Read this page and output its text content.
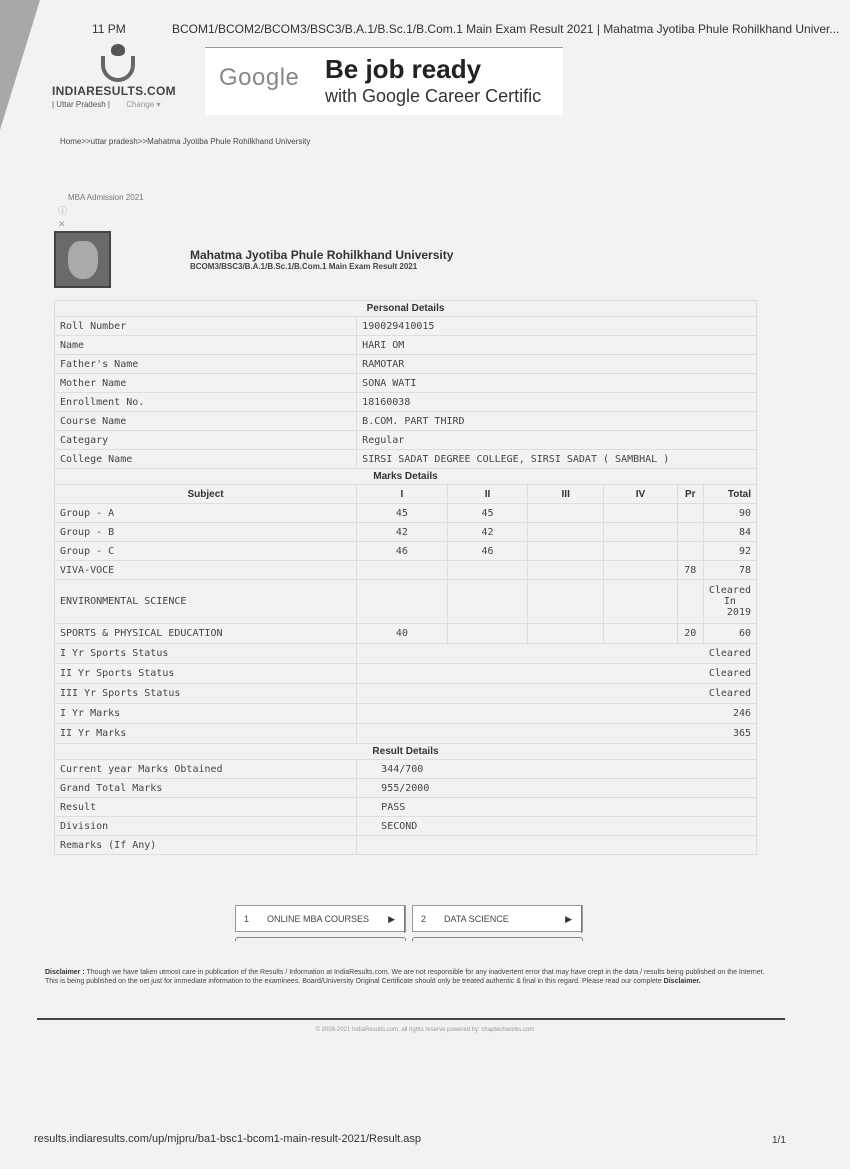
11 PM	BCOM1/BCOM2/BCOM3/BSC3/B.A.1/B.Sc.1/B.Com.1 Main Exam Result 2021 | Mahatma Jyotiba Phule Rohilkhand Univer...
INDIARESULTS.COM
| Uttar Pradesh | Change ▾
Google Be job ready
with Google Career Certific
Home>>uttar pradesh>>Mahatma Jyotiba Phule Rohilkhand University
MBA Admission 2021
ⓘ
✕
Mahatma Jyotiba Phule Rohilkhand University
BCOM3/BSC3/B.A.1/B.Sc.1/B.Com.1 Main Exam Result 2021
Personal Details						
Roll Number	190029410015					
Name	HARI OM					
Father's Name	RAMOTAR					
Mother Name	SONA WATI					
Enrollment No.	18160038					
Course Name	B.COM. PART THIRD					
Categary	Regular					
College Name	SIRSI SADAT DEGREE COLLEGE, SIRSI SADAT ( SAMBHAL )					
Marks Details						
Subject	I	II	III	IV	Pr	Total
Group - A	45	45				90
Group - B	42	42				84
Group - C	46	46				92
VIVA-VOCE					78	78
ENVIRONMENTAL SCIENCE						Cleared
In
2019

SPORTS & PHYSICAL EDUCATION	40				20	60
I Yr Sports Status	Cleared					
II Yr Sports Status	Cleared					
III Yr Sports Status	Cleared					
I Yr Marks	246					
II Yr Marks	365					
Result Details						
Current year Marks Obtained	344/700					
Grand Total Marks	955/2000					
Result	PASS					
Division	SECOND					
Remarks (If Any)						
1 ONLINE MBA COURSES ▶	2 DATA SCIENCE	▶
Disclaimer : Though we have taken utmost care in publication of the Results / Information at IndiaResults.com. We are not responsible for any inadvertent error that may have crept in the data / results being published on the Internet. This is being published on the net just for immediate information to the examinees. Board/University Original Certificate should only be treated authentic & final in this regard. Please read our complete Disclaimer.
© 2009-2021 IndiaResults.com, all rights reserve powered by: chaptechworks.com
results.indiaresults.com/up/mjpru/ba1-bsc1-bcom1-main-result-2021/Result.asp	1/1
